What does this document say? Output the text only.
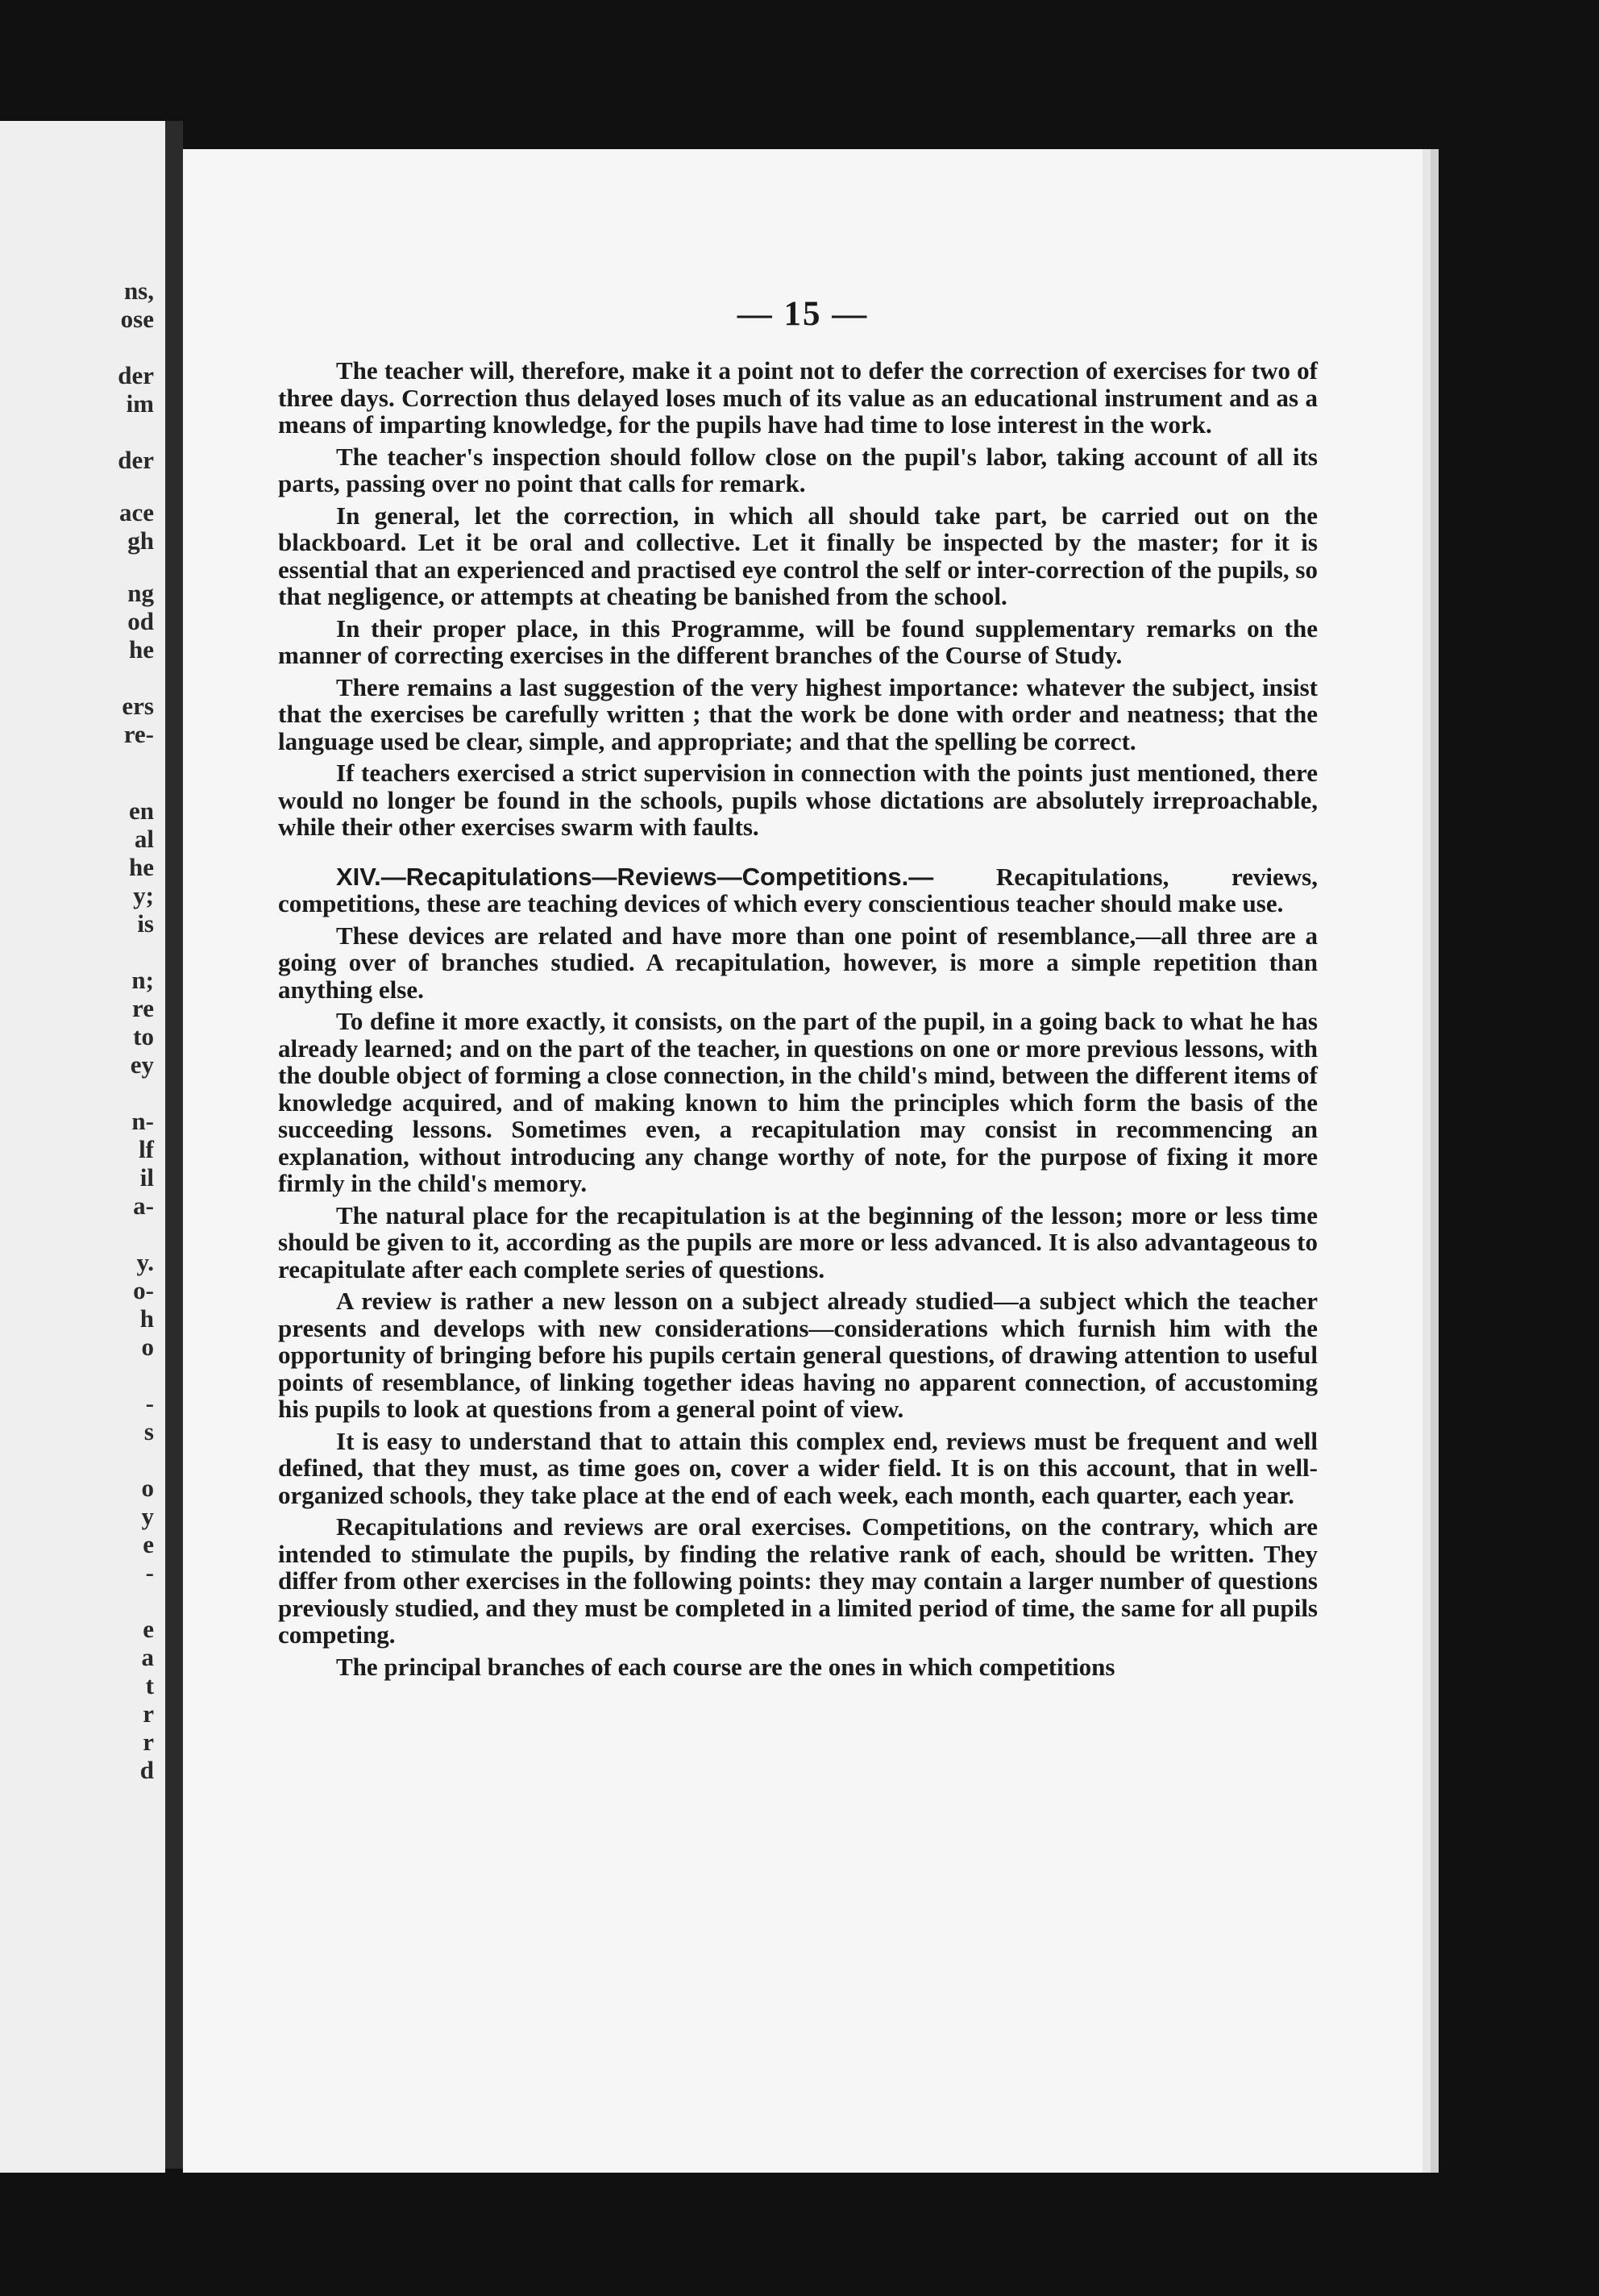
ns,
ose
der
im
der
ace
gh
ng
od
he
ers
re-
en
al
he
y;
is
n;
re
to
ey
n-
lf
il
a-
y.
o-
h
o
-
s
o
y
e
-
e
a
t
r
r
d
— 15 —

The teacher will, therefore, make it a point not to defer the correction of exercises for two of three days. Correction thus delayed loses much of its value as an educational instrument and as a means of imparting knowledge, for the pupils have had time to lose interest in the work.

The teacher's inspection should follow close on the pupil's labor, taking account of all its parts, passing over no point that calls for remark.

In general, let the correction, in which all should take part, be carried out on the blackboard. Let it be oral and collective. Let it finally be inspected by the master; for it is essential that an experienced and practised eye control the self or inter-correction of the pupils, so that negligence, or attempts at cheating be banished from the school.

In their proper place, in this Programme, will be found supplementary remarks on the manner of correcting exercises in the different branches of the Course of Study.

There remains a last suggestion of the very highest importance: whatever the subject, insist that the exercises be carefully written ; that the work be done with order and neatness; that the language used be clear, simple, and appropriate; and that the spelling be correct.

If teachers exercised a strict supervision in connection with the points just mentioned, there would no longer be found in the schools, pupils whose dictations are absolutely irreproachable, while their other exercises swarm with faults.

XIV.—Recapitulations—Reviews—Competitions.— Recapitulations, reviews, competitions, these are teaching devices of which every conscientious teacher should make use.

These devices are related and have more than one point of resemblance,—all three are a going over of branches studied. A recapitulation, however, is more a simple repetition than anything else.

To define it more exactly, it consists, on the part of the pupil, in a going back to what he has already learned; and on the part of the teacher, in questions on one or more previous lessons, with the double object of forming a close connection, in the child's mind, between the different items of knowledge acquired, and of making known to him the principles which form the basis of the succeeding lessons. Sometimes even, a recapitulation may consist in recommencing an explanation, without introducing any change worthy of note, for the purpose of fixing it more firmly in the child's memory.

The natural place for the recapitulation is at the beginning of the lesson; more or less time should be given to it, according as the pupils are more or less advanced. It is also advantageous to recapitulate after each complete series of questions.

A review is rather a new lesson on a subject already studied—a subject which the teacher presents and develops with new considerations—considerations which furnish him with the opportunity of bringing before his pupils certain general questions, of drawing attention to useful points of resemblance, of linking together ideas having no apparent connection, of accustoming his pupils to look at questions from a general point of view.

It is easy to understand that to attain this complex end, reviews must be frequent and well defined, that they must, as time goes on, cover a wider field. It is on this account, that in well-organized schools, they take place at the end of each week, each month, each quarter, each year.

Recapitulations and reviews are oral exercises. Competitions, on the contrary, which are intended to stimulate the pupils, by finding the relative rank of each, should be written. They differ from other exercises in the following points: they may contain a larger number of questions previously studied, and they must be completed in a limited period of time, the same for all pupils competing.

The principal branches of each course are the ones in which competitions
